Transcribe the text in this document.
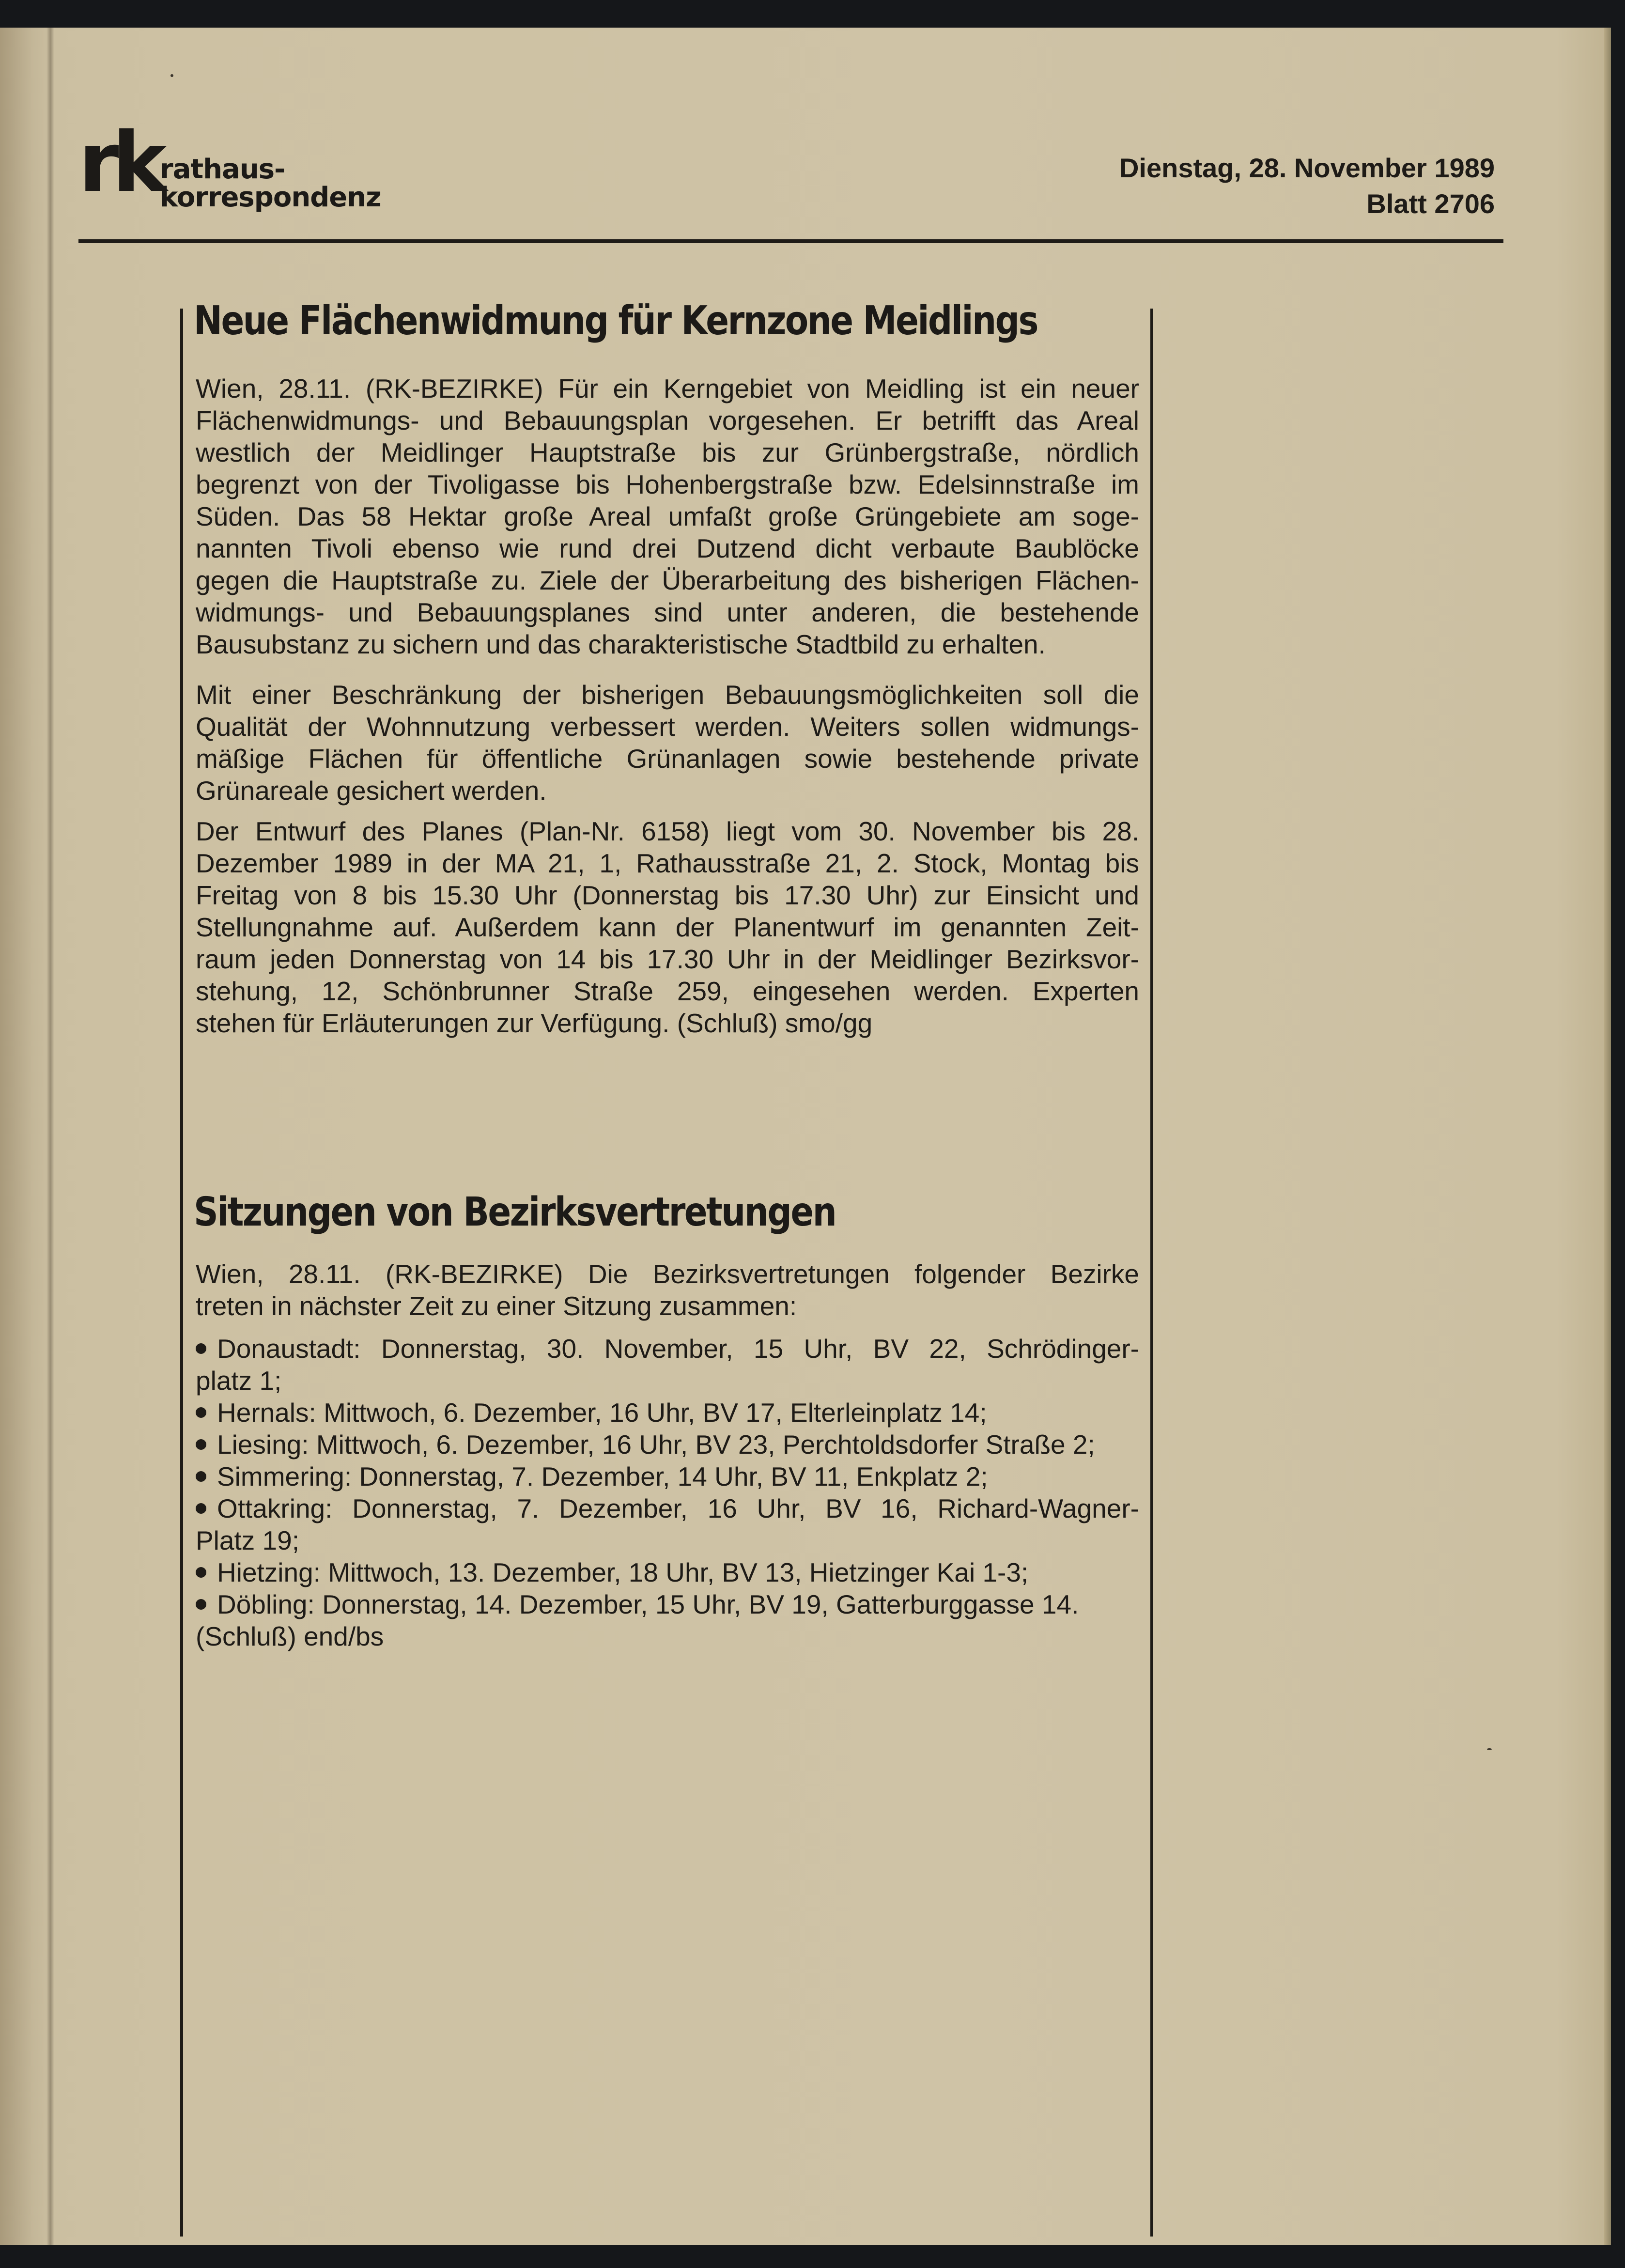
rk rathaus-
korrespondenz
Dienstag, 28. November 1989
Blatt 2706
Neue Flächenwidmung für Kernzone Meidlings
Wien, 28.11. (RK-BEZIRKE) Für ein Kerngebiet von Meidling ist ein neuer
Flächenwidmungs- und Bebauungsplan vorgesehen. Er betrifft das Areal
westlich der Meidlinger Hauptstraße bis zur Grünbergstraße, nördlich
begrenzt von der Tivoligasse bis Hohenbergstraße bzw. Edelsinnstraße im
Süden. Das 58 Hektar große Areal umfaßt große Grüngebiete am soge-
nannten Tivoli ebenso wie rund drei Dutzend dicht verbaute Baublöcke
gegen die Hauptstraße zu. Ziele der Überarbeitung des bisherigen Flächen-
widmungs- und Bebauungsplanes sind unter anderen, die bestehende
Bausubstanz zu sichern und das charakteristische Stadtbild zu erhalten.
Mit einer Beschränkung der bisherigen Bebauungsmöglichkeiten soll die
Qualität der Wohnnutzung verbessert werden. Weiters sollen widmungs-
mäßige Flächen für öffentliche Grünanlagen sowie bestehende private
Grünareale gesichert werden.
Der Entwurf des Planes (Plan-Nr. 6158) liegt vom 30. November bis 28.
Dezember 1989 in der MA 21, 1, Rathausstraße 21, 2. Stock, Montag bis
Freitag von 8 bis 15.30 Uhr (Donnerstag bis 17.30 Uhr) zur Einsicht und
Stellungnahme auf. Außerdem kann der Planentwurf im genannten Zeit-
raum jeden Donnerstag von 14 bis 17.30 Uhr in der Meidlinger Bezirksvor-
stehung, 12, Schönbrunner Straße 259, eingesehen werden. Experten
stehen für Erläuterungen zur Verfügung. (Schluß) smo/gg
Sitzungen von Bezirksvertretungen
Wien, 28.11. (RK-BEZIRKE) Die Bezirksvertretungen folgender Bezirke
treten in nächster Zeit zu einer Sitzung zusammen:
Donaustadt: Donnerstag, 30. November, 15 Uhr, BV 22, Schrödinger-
platz 1;
Hernals: Mittwoch, 6. Dezember, 16 Uhr, BV 17, Elterleinplatz 14;
Liesing: Mittwoch, 6. Dezember, 16 Uhr, BV 23, Perchtoldsdorfer Straße 2;
Simmering: Donnerstag, 7. Dezember, 14 Uhr, BV 11, Enkplatz 2;
Ottakring: Donnerstag, 7. Dezember, 16 Uhr, BV 16, Richard-Wagner-
Platz 19;
Hietzing: Mittwoch, 13. Dezember, 18 Uhr, BV 13, Hietzinger Kai 1-3;
Döbling: Donnerstag, 14. Dezember, 15 Uhr, BV 19, Gatterburggasse 14.
(Schluß) end/bs
